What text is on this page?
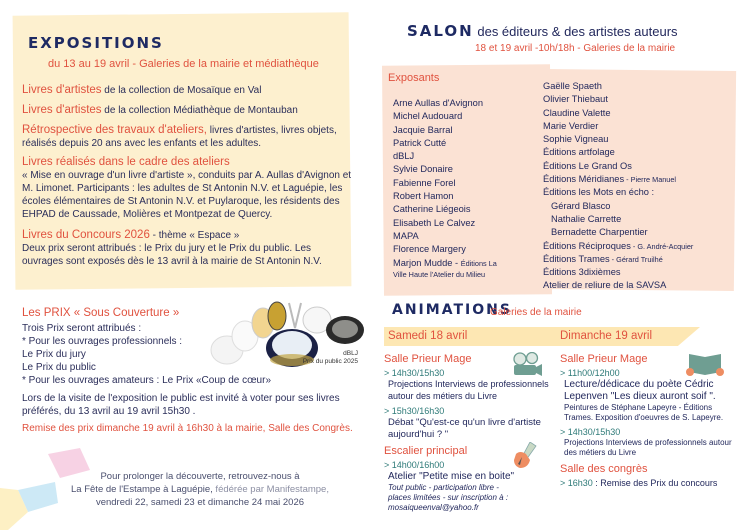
EXPOSITIONS
du 13 au 19 avril - Galeries de la mairie et médiathèque
Livres d'artistes de la collection de Mosaïque en Val
Livres d'artistes de la collection Médiathèque de Montauban
Rétrospective des travaux d'ateliers, livres d'artistes, livres objets, réalisés depuis 20 ans avec les enfants et les adultes.
Livres réalisés dans le cadre des ateliers
« Mise en ouvrage d'un livre d'artiste », conduits par A. Aullas d'Avignon et M. Limonet. Participants : les adultes de St Antonin N.V. et Laguépie, les écoles élémentaires de St Antonin N.V. et Puylaroque, les résidents des EHPAD de Caussade, Molières et Montpezat de Quercy.
Livres du Concours 2026 - thème « Espace »
Deux prix seront attribués : le Prix du jury et le Prix du public. Les ouvrages sont exposés dès le 13 avril à la mairie de St Antonin N.V.
Les PRIX « Sous Couverture »
Trois Prix seront attribués :
* Pour les ouvrages professionnels :
Le Prix du jury
Le Prix du public
* Pour les ouvrages amateurs : Le Prix «Coup de cœur»
Lors de la visite de l'exposition le public est invité à voter pour ses livres préférés, du 13 avril au 19 avril 15h30 .
Remise des prix dimanche 19 avril à 16h30 à la mairie, Salle des Congrès.
dBLJ
Prix du public 2025
Pour prolonger la découverte, retrouvez-nous à
La Fête de l'Estampe à Laguépie, fédérée par Manifestampe,
vendredi 22, samedi 23 et dimanche 24 mai 2026
SALON des éditeurs & des artistes auteurs
18 et 19 avril -10h/18h - Galeries de la mairie
Exposants
Arne Aullas d'Avignon
Michel Audouard
Jacquie Barral
Patrick Cutté
dBLJ
Sylvie Donaire
Fabienne Forel
Robert Hamon
Catherine Liégeois
Elisabeth Le Calvez
MAPA
Florence Margery
Marjon Mudde - Éditions La
Ville Haute l'Atelier du Milieu
Gaëlle Spaeth
Olivier Thiebaut
Claudine Valette
Marie Verdier
Sophie Vigneau
Éditions artfolage
Éditions Le Grand Os
Éditions Méridianes - Pierre Manuel
Éditions les Mots en écho :
Gérard Blasco
Nathalie Carrette
Bernadette Charpentier
Éditions Réciproques - G. André-Acquier
Éditions Trames - Gérard Truilhé
Éditions 3dixièmes
Atelier de reliure de la SAVSA
ANIMATIONS
Galeries de la mairie
Samedi 18 avril	Dimanche 19 avril
Salle Prieur Mage
> 14h30/15h30
Projections Interviews de professionnels autour des métiers du Livre
> 15h30/16h30
Débat "Qu'est-ce qu'un livre d'artiste aujourd'hui ? "
Escalier principal
> 14h00/16h00
Atelier "Petite mise en boite"
Tout public - participation libre - places limitées - sur inscription à : mosaiqueenval@yahoo.fr
Salle Prieur Mage
> 11h00/12h00
Lecture/dédicace du poète Cédric Lepenven "Les dieux auront soif ".
Peintures de Stéphane Lapeyre - Éditions Trames. Exposition d'oeuvres de S. Lapeyre.
> 14h30/15h30
Projections Interviews de professionnels autour des métiers du Livre
Salle des congrès
> 16h30 : Remise des Prix du concours
